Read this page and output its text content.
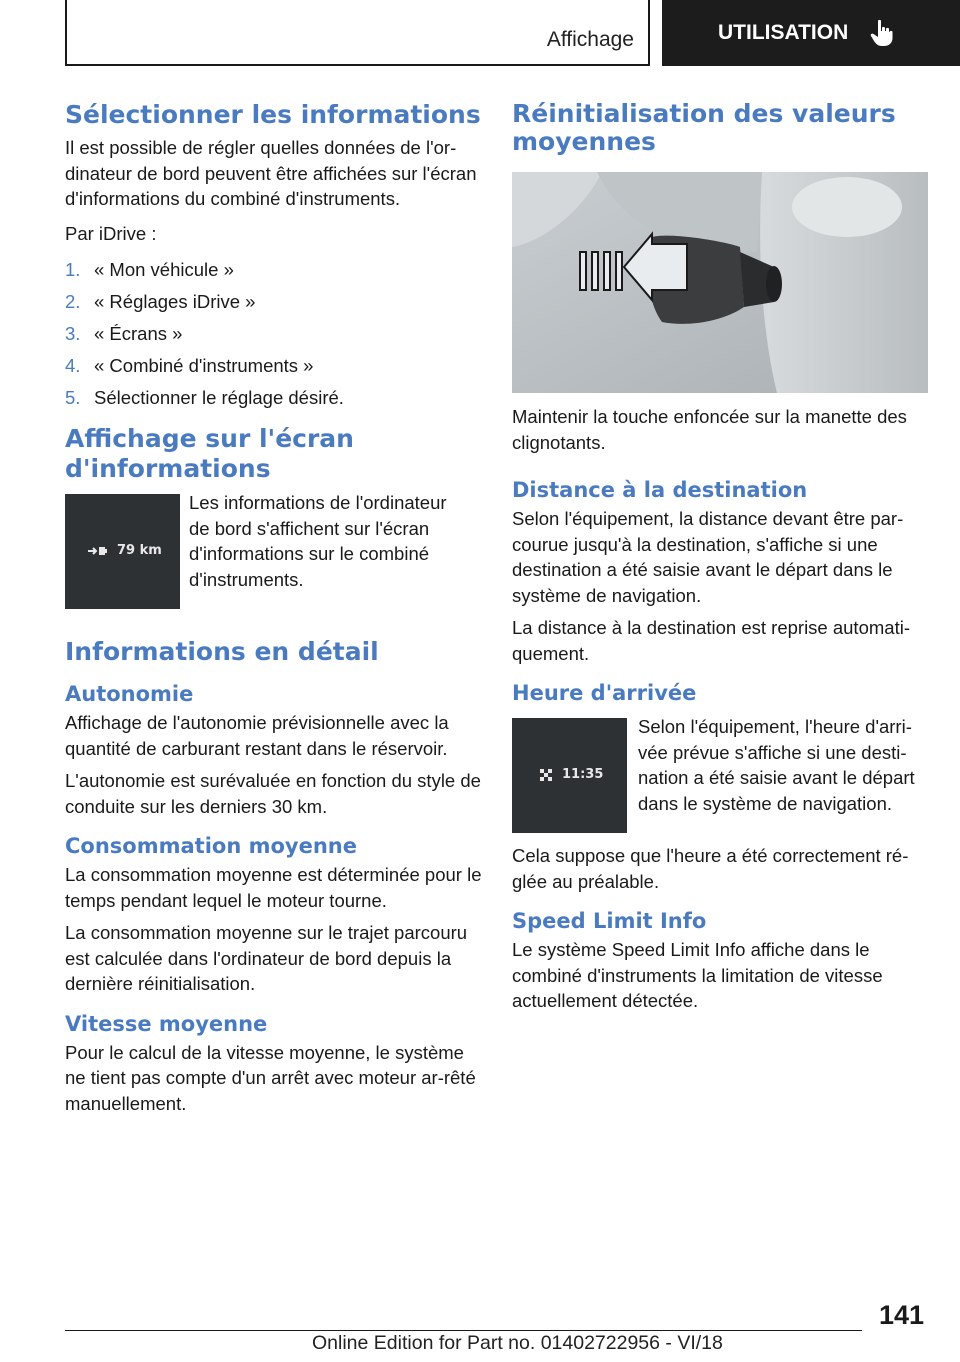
Affichage	UTILISATION
Sélectionner les informations

Il est possible de régler quelles données de l'or-dinateur de bord peuvent être affichées sur l'écran d'informations du combiné d'instruments.

Par iDrive :

1. « Mon véhicule »
2. « Réglages iDrive »
3. « Écrans »
4. « Combiné d'instruments »
5. Sélectionner le réglage désiré.
Affichage sur l'écran
d'informations
79 km

Les informations de l'ordinateur de bord s'affichent sur l'écran d'informations sur le combiné d'instruments.

Informations en détail
Autonomie

Affichage de l'autonomie prévisionnelle avec la quantité de carburant restant dans le réservoir.

L'autonomie est surévaluée en fonction du style de conduite sur les derniers 30 km.

Consommation moyenne

La consommation moyenne est déterminée pour le temps pendant lequel le moteur tourne.

La consommation moyenne sur le trajet parcouru est calculée dans l'ordinateur de bord depuis la dernière réinitialisation.

Vitesse moyenne

Pour le calcul de la vitesse moyenne, le système ne tient pas compte d'un arrêt avec moteur ar-rêté manuellement.

Réinitialisation des valeurs
moyennes

Maintenir la touche enfoncée sur la manette des clignotants.

Distance à la destination

Selon l'équipement, la distance devant être par-courue jusqu'à la destination, s'affiche si une destination a été saisie avant le départ dans le système de navigation.

La distance à la destination est reprise automati-quement.

Heure d'arrivée
11:35

Selon l'équipement, l'heure d'arri-vée prévue s'affiche si une desti-nation a été saisie avant le départ dans le système de navigation.

Cela suppose que l'heure a été correctement ré-glée au préalable.

Speed Limit Info

Le système Speed Limit Info affiche dans le combiné d'instruments la limitation de vitesse actuellement détectée.

141
Online Edition for Part no. 01402722956 - VI/18
